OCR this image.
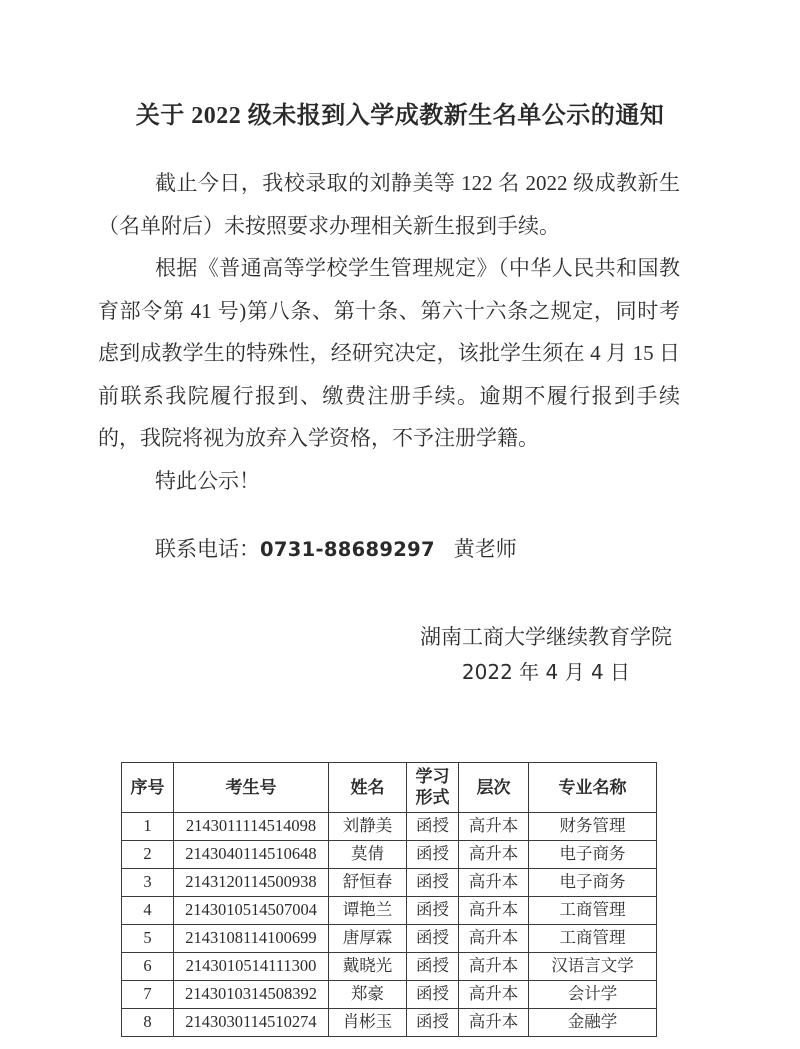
关于 2022 级未报到入学成教新生名单公示的通知

截止今日，我校录取的刘静美等 122 名 2022 级成教新生（名单附后）未按照要求办理相关新生报到手续。

根据《普通高等学校学生管理规定》（中华人民共和国教育部令第 41 号)第八条、第十条、第六十六条之规定，同时考虑到成教学生的特殊性，经研究决定，该批学生须在 4 月 15 日前联系我院履行报到、缴费注册手续。逾期不履行报到手续的，我院将视为放弃入学资格，不予注册学籍。

特此公示！

联系电话：0731-88689297 黄老师

湖南工商大学继续教育学院
2022 年 4 月 4 日
序号	考生号	姓名	学习形式	层次	专业名称
1	2143011114514098	刘静美	函授	高升本	财务管理
2	2143040114510648	莫倩	函授	高升本	电子商务
3	2143120114500938	舒恒春	函授	高升本	电子商务
4	2143010514507004	谭艳兰	函授	高升本	工商管理
5	2143108114100699	唐厚霖	函授	高升本	工商管理
6	2143010514111300	戴晓光	函授	高升本	汉语言文学
7	2143010314508392	郑豪	函授	高升本	会计学
8	2143030114510274	肖彬玉	函授	高升本	金融学
